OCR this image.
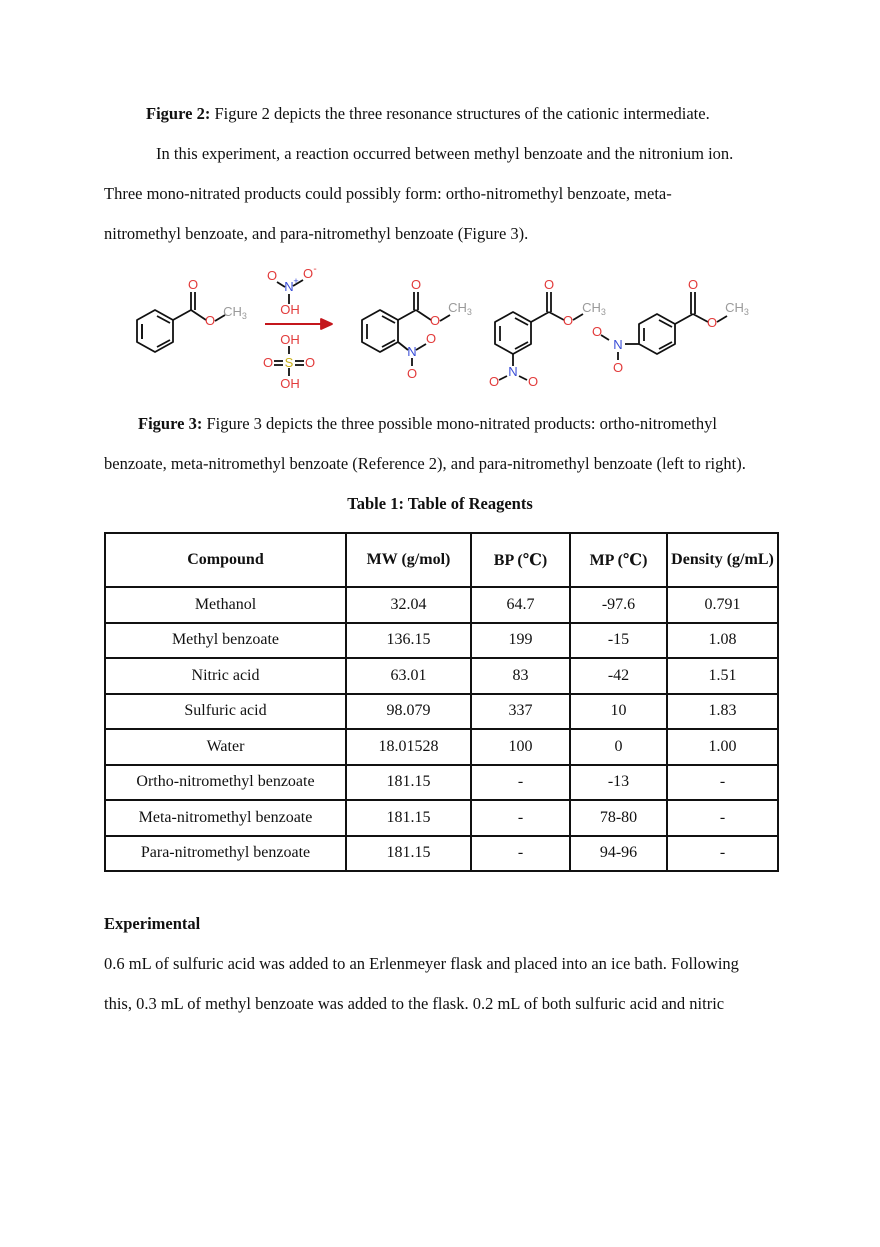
Figure 2: Figure 2 depicts the three resonance structures of the cationic intermediate.
In this experiment, a reaction occurred between methyl benzoate and the nitronium ion.
Three mono-nitrated products could possibly form: ortho-nitromethyl benzoate, meta-
nitromethyl benzoate, and para-nitromethyl benzoate (Figure 3).
O
O
$CH_3$
O
N + O -
OH
OH
O S O
OH
O
O
$CH_3$
N
O
O
O
O
$CH_3$
N
O O
O
O
$CH_3$
N
O
O
Figure 3: Figure 3 depicts the three possible mono-nitrated products: ortho-nitromethyl
benzoate, meta-nitromethyl benzoate (Reference 2), and para-nitromethyl benzoate (left to right).
Table 1: Table of Reagents
Compound	MW (g/mol)	BP (℃)	MP (℃)	Density (g/mL)
Methanol	32.04	64.7	-97.6	0.791
Methyl benzoate	136.15	199	-15	1.08
Nitric acid	63.01	83	-42	1.51
Sulfuric acid	98.079	337	10	1.83
Water	18.01528	100	0	1.00
Ortho-nitromethyl benzoate	181.15	-	-13	-
Meta-nitromethyl benzoate	181.15	-	78-80	-
Para-nitromethyl benzoate	181.15	-	94-96	-
Experimental
0.6 mL of sulfuric acid was added to an Erlenmeyer flask and placed into an ice bath. Following
this, 0.3 mL of methyl benzoate was added to the flask. 0.2 mL of both sulfuric acid and nitric
